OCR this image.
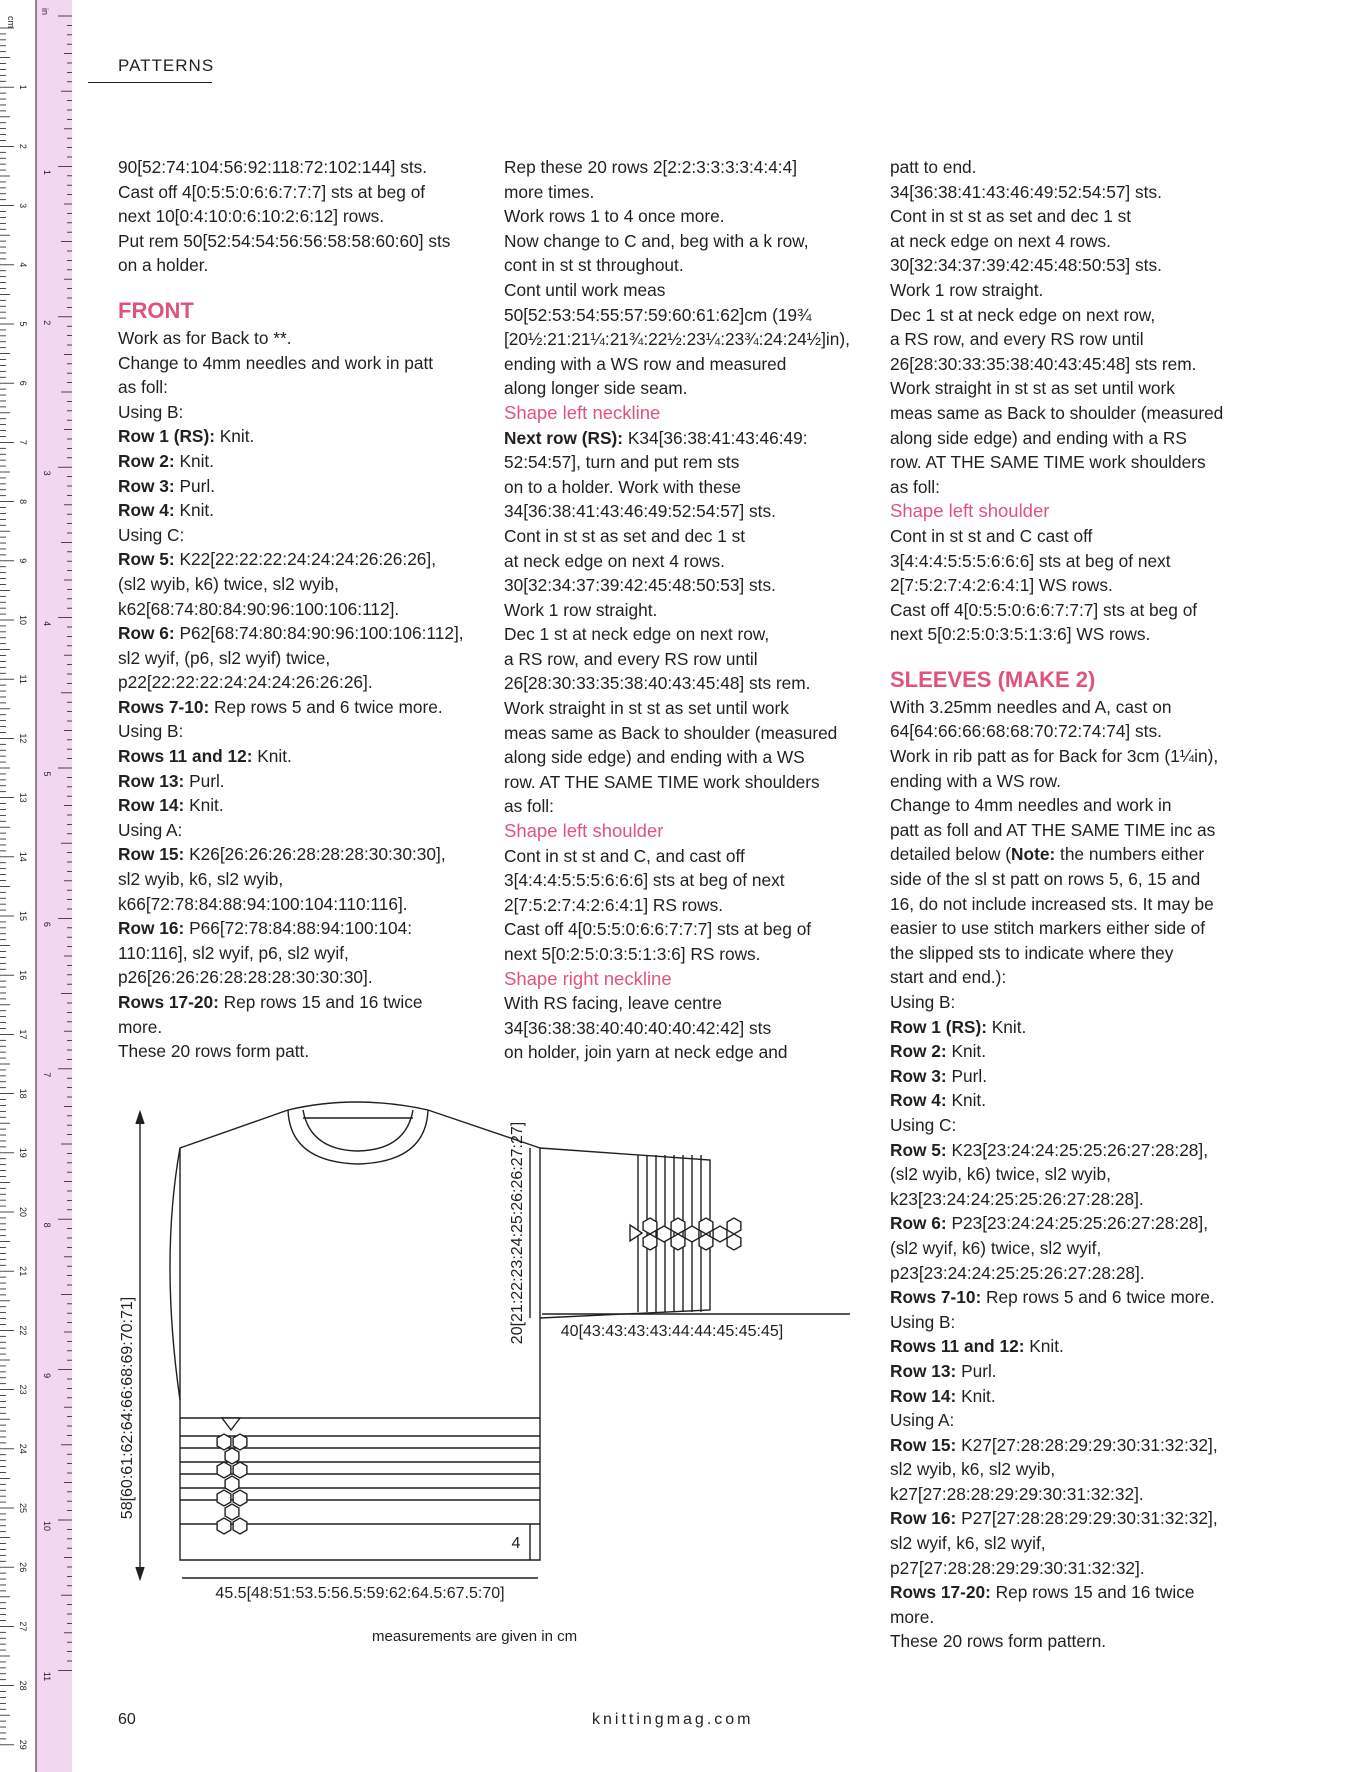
1
2
3
4
5
6
7
8
9
10
11
12
13
14
15
16
17
18
19
20
21
22
23
24
25
26
27
28
29
1
2
3
4
5
6
7
8
9
10
11
cm
in
PATTERNS

90[52:74:104:56:92:118:72:102:144] sts.

Cast off 4[0:5:5:0:6:6:7:7:7] sts at beg of

next 10[0:4:10:0:6:10:2:6:12] rows.

Put rem 50[52:54:54:56:56:58:58:60:60] sts

on a holder.

FRONT

Work as for Back to **.

Change to 4mm needles and work in patt

as foll:

Using B:

Row 1 (RS): Knit.

Row 2: Knit.

Row 3: Purl.

Row 4: Knit.

Using C:

Row 5: K22[22:22:22:24:24:24:26:26:26],

(sl2 wyib, k6) twice, sl2 wyib,

k62[68:74:80:84:90:96:100:106:112].

Row 6: P62[68:74:80:84:90:96:100:106:112],

sl2 wyif, (p6, sl2 wyif) twice,

p22[22:22:22:24:24:24:26:26:26].

Rows 7-10: Rep rows 5 and 6 twice more.

Using B:

Rows 11 and 12: Knit.

Row 13: Purl.

Row 14: Knit.

Using A:

Row 15: K26[26:26:26:28:28:28:30:30:30],

sl2 wyib, k6, sl2 wyib,

k66[72:78:84:88:94:100:104:110:116].

Row 16: P66[72:78:84:88:94:100:104:

110:116], sl2 wyif, p6, sl2 wyif,

p26[26:26:26:28:28:28:30:30:30].

Rows 17-20: Rep rows 15 and 16 twice

more.

These 20 rows form patt.

Rep these 20 rows 2[2:2:3:3:3:3:4:4:4]

more times.

Work rows 1 to 4 once more.

Now change to C and, beg with a k row,

cont in st st throughout.

Cont until work meas

50[52:53:54:55:57:59:60:61:62]cm (19¾

[20½:21:21¼:21¾:22½:23¼:23¾:24:24½]in),

ending with a WS row and measured

along longer side seam.

Shape left neckline

Next row (RS): K34[36:38:41:43:46:49:

52:54:57], turn and put rem sts

on to a holder. Work with these

34[36:38:41:43:46:49:52:54:57] sts.

Cont in st st as set and dec 1 st

at neck edge on next 4 rows.

30[32:34:37:39:42:45:48:50:53] sts.

Work 1 row straight.

Dec 1 st at neck edge on next row,

a RS row, and every RS row until

26[28:30:33:35:38:40:43:45:48] sts rem.

Work straight in st st as set until work

meas same as Back to shoulder (measured

along side edge) and ending with a WS

row. AT THE SAME TIME work shoulders

as foll:

Shape left shoulder

Cont in st st and C, and cast off

3[4:4:4:5:5:5:6:6:6] sts at beg of next

2[7:5:2:7:4:2:6:4:1] RS rows.

Cast off 4[0:5:5:0:6:6:7:7:7] sts at beg of

next 5[0:2:5:0:3:5:1:3:6] RS rows.

Shape right neckline

With RS facing, leave centre

34[36:38:38:40:40:40:40:42:42] sts

on holder, join yarn at neck edge and

patt to end.

34[36:38:41:43:46:49:52:54:57] sts.

Cont in st st as set and dec 1 st

at neck edge on next 4 rows.

30[32:34:37:39:42:45:48:50:53] sts.

Work 1 row straight.

Dec 1 st at neck edge on next row,

a RS row, and every RS row until

26[28:30:33:35:38:40:43:45:48] sts rem.

Work straight in st st as set until work

meas same as Back to shoulder (measured

along side edge) and ending with a RS

row. AT THE SAME TIME work shoulders

as foll:

Shape left shoulder

Cont in st st and C cast off

3[4:4:4:5:5:5:6:6:6] sts at beg of next

2[7:5:2:7:4:2:6:4:1] WS rows.

Cast off 4[0:5:5:0:6:6:7:7:7] sts at beg of

next 5[0:2:5:0:3:5:1:3:6] WS rows.

SLEEVES (MAKE 2)

With 3.25mm needles and A, cast on

64[64:66:66:68:68:70:72:74:74] sts.

Work in rib patt as for Back for 3cm (1¼in),

ending with a WS row.

Change to 4mm needles and work in

patt as foll and AT THE SAME TIME inc as

detailed below (Note: the numbers either

side of the sl st patt on rows 5, 6, 15 and

16, do not include increased sts. It may be

easier to use stitch markers either side of

the slipped sts to indicate where they

start and end.):

Using B:

Row 1 (RS): Knit.

Row 2: Knit.

Row 3: Purl.

Row 4: Knit.

Using C:

Row 5: K23[23:24:24:25:25:26:27:28:28],

(sl2 wyib, k6) twice, sl2 wyib,

k23[23:24:24:25:25:26:27:28:28].

Row 6: P23[23:24:24:25:25:26:27:28:28],

(sl2 wyif, k6) twice, sl2 wyif,

p23[23:24:24:25:25:26:27:28:28].

Rows 7-10: Rep rows 5 and 6 twice more.

Using B:

Rows 11 and 12: Knit.

Row 13: Purl.

Row 14: Knit.

Using A:

Row 15: K27[27:28:28:29:29:30:31:32:32],

sl2 wyib, k6, sl2 wyib,

k27[27:28:28:29:29:30:31:32:32].

Row 16: P27[27:28:28:29:29:30:31:32:32],

sl2 wyif, k6, sl2 wyif,

p27[27:28:28:29:29:30:31:32:32].

Rows 17-20: Rep rows 15 and 16 twice

more.

These 20 rows form pattern.

58[60:61:62:64:66:68:69:70:71]
20[21:22:23:24:25:26:26:27:27] 40[43:43:43:43:44:44:45:45:45]
4
45.5[48:51:53.5:56.5:59:62:64.5:67.5:70]
measurements are given in cm
60	knittingmag.com
